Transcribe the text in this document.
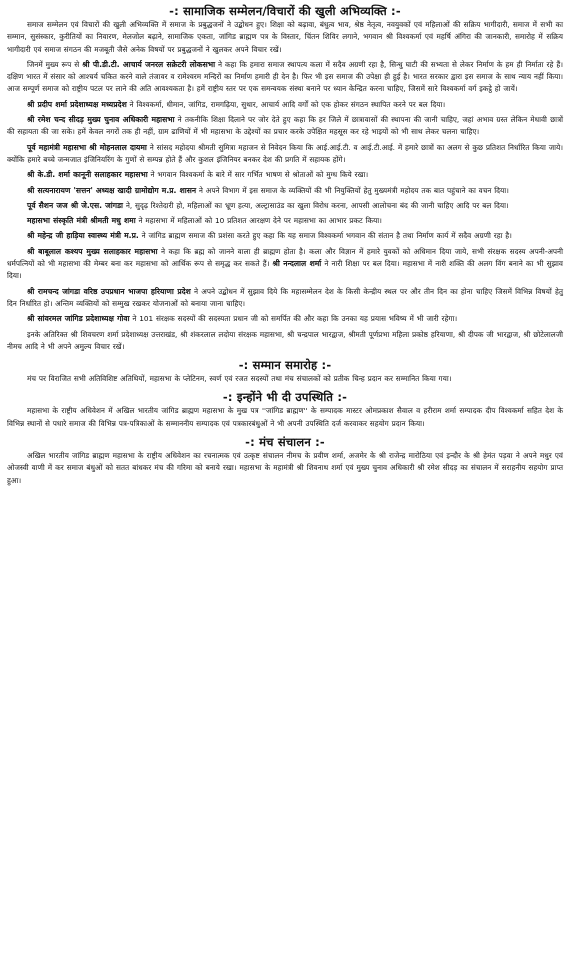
-: सामाजिक सम्मेलन/विचारों की खुली अभिव्यक्ति :-

समाज सम्मेलन एवं विचारों की खुली अभिव्यक्ति में समाज के प्रबुद्धजनों ने उद्बोधन हुए। शिक्षा को बढ़ावा, बंधुत्व भाव, श्रेष्ठ नेतृत्व, नवयुवकों एवं महिलाओं की सक्रिय भागीदारी, समाज में सभी का सम्मान, सुसंस्कार, कुरीतियों का निवारण, मेलजोल बढ़ाने, सामाजिक एकता, जांगिड ब्राह्मण पत्र के विस्तार, चिंतन शिविर लगाने, भगवान श्री विश्वकर्मा एवं महर्षि अंगिरा की जानकारी, समारोह में सक्रिय भागीदारी एवं समाज संगठन की मजबूती जैसे अनेक विषयों पर प्रबुद्धजनों ने खुलकर अपने विचार रखें।

जिनमें मुख्य रूप से श्री पी.डी.टी. आचार्य जनरल सक्रेटरी लोकसभा ने कहा कि हमारा समाज स्थापत्य कला में सदैव अग्रणी रहा है, सिन्धु घाटी की सभ्यता से लेकर निर्माण के हम ही निर्माता रहे हैं। दक्षिण भारत में संसार को आश्चर्य चकित करने वाले तंजावर व रामेश्वरम मन्दिरों का निर्माण हमारी ही देन है। फिर भी इस समाज की उपेक्षा ही हुई है। भारत सरकार द्वारा इस समाज के साथ न्याय नहीं किया। आज सम्पूर्ण समाज को राष्ट्रीय पटल पर लाने की अति आवश्यकता है। हमें राष्ट्रीय स्तर पर एक समन्वयक संस्था बनाने पर ध्यान केन्द्रित करना चाहिए, जिसमें सारे विश्वकर्मा वर्ग इकट्ठे हो जायें।

श्री प्रदीप शर्मा प्रदेशाध्यक्ष मध्यप्रदेश ने विश्वकर्मा, धीमान, जांगिड, रामगढ़िया, सुथार, आचार्य आदि वर्गों को एक होकर संगठन स्थापित करने पर बल दिया।

श्री रमेश चन्द सीदड़ मुख्य चुनाव अधिकारी महासभा ने तकनीकि शिक्षा दिलाने पर जोर देते हुए कहा कि हर जिले में छात्रावासों की स्थापना की जानी चाहिए, जहां अभाव ग्रस्त लेकिन मेधावी छात्रों की सहायता की जा सके। हमें केवल नगरों तक ही नहीं, ग्राम ढाणियों में भी महासभा के उद्देश्यों का प्रचार करके उपेक्षित महसूस कर रहे भाइयों को भी साथ लेकर चलना चाहिए।

पूर्व महामंत्री महासभा श्री मोहनलाल दायमा ने सांसद महोदया श्रीमती सुमित्रा महाजन से निवेदन किया कि आई.आई.टी. व आई.टी.आई. में हमारे छात्रों का अलग से कुछ प्रतिशत निर्धारित किया जाये। क्योंकि हमारे बच्चे जन्मजात इंजिनियरिंग के गुणों से सम्पन्न होते हैं और कुशल इंजिनियर बनकर देश की प्रगति में सहायक होंगे।

श्री के.डी. शर्मा कानूनी सलाहकार महासभा ने भगवान विश्वकर्मा के बारे में सार गर्भित भाषण से श्रोताओं को मुग्ध किये रखा।

श्री सत्यनारायण 'सत्तन' अध्यक्ष खादी ग्रामोद्योग म.प्र. शासन ने अपने विभाग में इस समाज के व्यक्तियों की भी नियुक्तियों हेतु मुख्यमंत्री महोदय तक बात पहुंचाने का वचन दिया।

पूर्व सैशन जज श्री जे.एस. जांगडा ने, सुदृढ़ रिश्तेदारी हो, महिलाओं का भ्रूण हत्या, अल्ट्रासाउंड का खुला विरोध करना, आपसी आलोचना बंद की जानी चाहिए आदि पर बल दिया।

महासभा संस्कृति मंत्री श्रीमती मधु शमा ने महासभा में महिलाओं को 10 प्रतिशत आरक्षण देने पर महासभा का आभार प्रकट किया।

श्री महेन्द्र जी हाड़िया स्वास्थ्य मंत्री म.प्र. ने जांगिड ब्राह्मण समाज की प्रशंसा करते हुए कहा कि यह समाज विश्वकर्मा भगवान की संतान है तथा निर्माण कार्य में सदैव अग्रणी रहा है।

श्री बाबूलाल कश्यप मुख्य सलाहकार महासभा ने कहा कि ब्रह्म को जानने वाला ही ब्राह्मण होता है। कला और विज्ञान में हमारे युवकों को अधिमान दिया जाये, सभी संरक्षक सदस्य अपनी-अपनी धर्मपत्नियों को भी महासभा की मेम्बर बना कर महासभा को आर्थिक रूप से समृद्ध कर सकते हैं। श्री नन्दलाल शर्मा ने नारी शिक्षा पर बल दिया। महासभा में नारी शक्ति की अलग विंग बनाने का भी सुझाव दिया।

श्री रामचन्द जांगडा वरिष्ठ उपप्रधान भाजपा हरियाणा प्रदेश ने अपने उद्बोधन में सुझाव दिये कि महासम्मेलन देश के किसी केन्द्रीय स्थल पर और तीन दिन का होना चाहिए जिसमें विभिन्न विषयों हेतु दिन निर्धारित हो। अन्तिम व्यक्तियों को सम्मुख रखकर योजनाओं को बनाया जाना चाहिए।

श्री सांवरमल जांगिड प्रदेशाध्यक्ष गोवा ने 101 संरक्षक सदस्यों की सदस्यता प्रधान जी को समर्पित की और कहा कि उनका यह प्रयास भविष्य में भी जारी रहेगा।

इनके अतिरिक्त श्री शिवचरण शर्मा प्रदेशाध्यक्ष उत्तराखंड, श्री शंकरलाल लदोया संरक्षक महासभा, श्री चन्द्रपाल भारद्वाज, श्रीमती पूर्णप्रभा महिला प्रकोष्ठ हरियाणा, श्री दीपक जी भारद्वाज, श्री छोटेलालजी नीमच आदि ने भी अपने अमुल्य विचार रखें।

-: सम्मान समारोह :-

मंच पर विराजित सभी अतिविशिष्ट अतिथियों, महासभा के प्लेटिनम, स्वर्ण एवं रजत सदस्यों तथा मंच संचालकों को प्रतीक चिन्ह प्रदान कर सम्मानित किया गया।

-: इन्होंने भी दी उपस्थिति :-

महासभा के राष्ट्रीय अधिवेशन में अखिल भारतीय जांगिड ब्राह्मण महासभा के मुख पत्र ''जांगिड ब्राह्मण'' के सम्पादक मास्टर ओमप्रकाश सैवाल व हरीराम शर्मा सम्पादक दीप विश्वकर्मा सहित देश के विभिन्न स्थानों से पधारे समाज की विभिन्न पत्र-पत्रिकाओं के सम्माननीय सम्पादक एवं पत्रकारबंधुओं ने भी अपनी उपस्थिति दर्ज करवाकर सहयोग प्रदान किया।

-: मंच संचालन :-

अखिल भारतीय जांगिड ब्राह्मण महासभा के राष्ट्रीय अधिवेशन का रचनात्मक एवं उत्कृष्ट संचालन नीमच के प्रवीण शर्मा, अजमेर के श्री राजेन्द्र मारोठिया एवं इन्दौर के श्री हेमंत पड़वा ने अपने मधुर एवं ओजस्वी वाणी में कर समाज बंधुओं को सतत बांधकर मंच की गरिमा को बनाये रखा। महासभा के महामंत्री श्री शिवनाथ शर्मा एवं मुख्य चुनाव अधिकारी श्री रमेश सीदड़ का संचालन में सराहनीय सहयोग प्राप्त हुआ।
